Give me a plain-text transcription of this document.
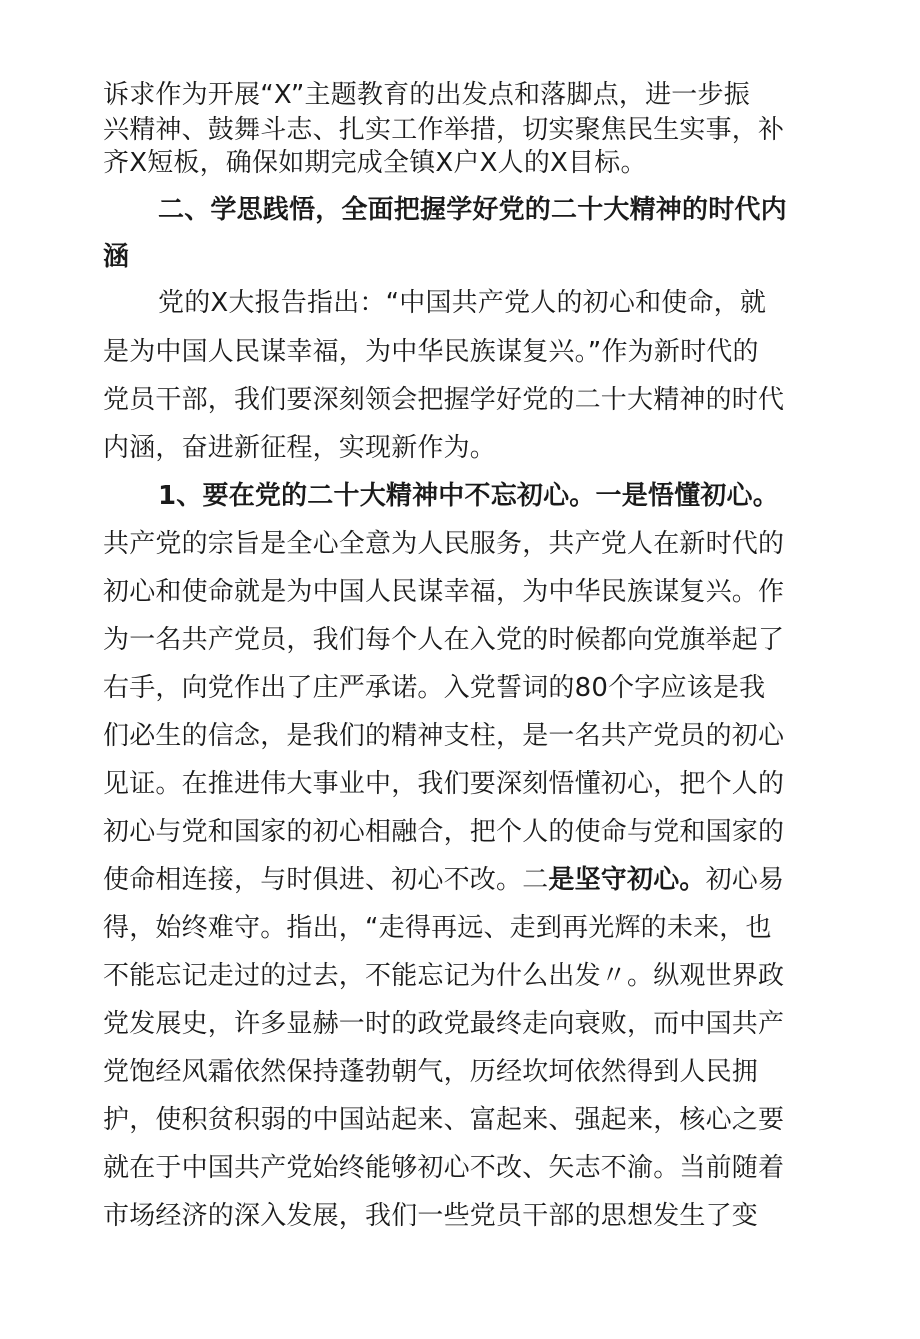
诉求作为开展“X”主题教育的出发点和落脚点，进一步振
兴精神、鼓舞斗志、扎实工作举措，切实聚焦民生实事，补
齐X短板，确保如期完成全镇X户X人的X目标。
二、学思践悟，全面把握学好党的二十大精神的时代内
涵
党的X大报告指出：“中国共产党人的初心和使命，就
是为中国人民谋幸福，为中华民族谋复兴。”作为新时代的
党员干部，我们要深刻领会把握学好党的二十大精神的时代
内涵，奋进新征程，实现新作为。
1、要在党的二十大精神中不忘初心。一是悟懂初心。
共产党的宗旨是全心全意为人民服务，共产党人在新时代的
初心和使命就是为中国人民谋幸福，为中华民族谋复兴。作
为一名共产党员，我们每个人在入党的时候都向党旗举起了
右手，向党作出了庄严承诺。入党誓词的80个字应该是我
们必生的信念，是我们的精神支柱，是一名共产党员的初心
见证。在推进伟大事业中，我们要深刻悟懂初心，把个人的
初心与党和国家的初心相融合，把个人的使命与党和国家的
使命相连接，与时俱进、初心不改。二是坚守初心。初心易
得，始终难守。指出，“走得再远、走到再光辉的未来，也
不能忘记走过的过去，不能忘记为什么出发〃。纵观世界政
党发展史，许多显赫一时的政党最终走向衰败，而中国共产
党饱经风霜依然保持蓬勃朝气，历经坎坷依然得到人民拥
护，使积贫积弱的中国站起来、富起来、强起来，核心之要
就在于中国共产党始终能够初心不改、矢志不渝。当前随着
市场经济的深入发展，我们一些党员干部的思想发生了变
